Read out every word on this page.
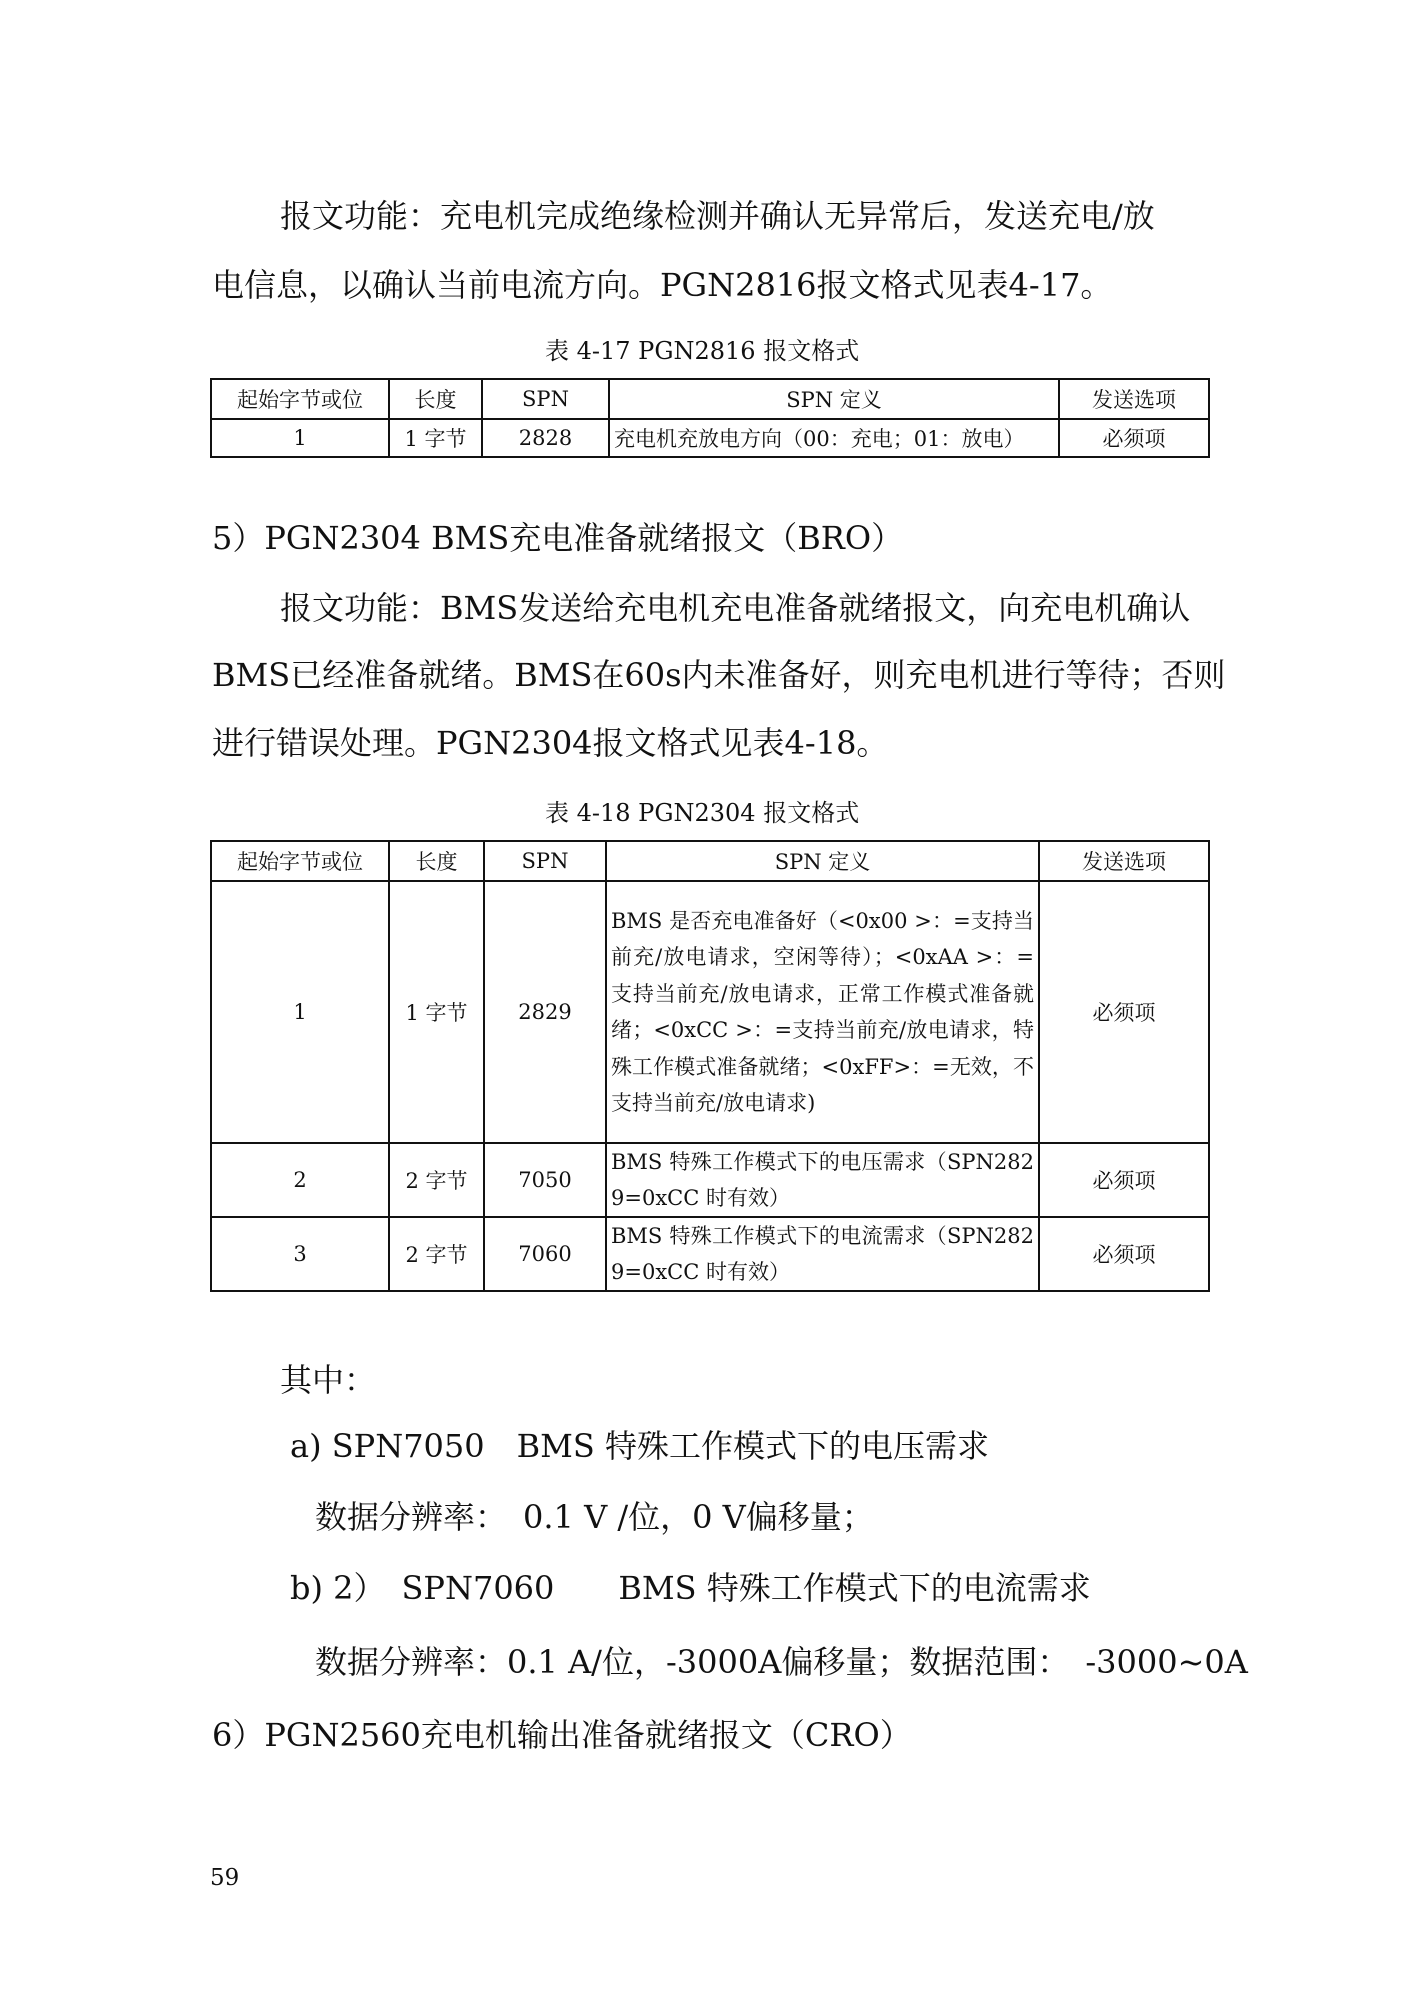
报文功能：充电机完成绝缘检测并确认无异常后，发送充电/放
电信息，以确认当前电流方向。PGN2816报文格式见表4-17。
表 4-17 PGN2816 报文格式
起始字节或位	长度	SPN	SPN 定义	发送选项
1	1 字节	2828	充电机充放电方向（00：充电；01：放电）	必须项
5）PGN2304 BMS充电准备就绪报文（BRO）
报文功能：BMS发送给充电机充电准备就绪报文，向充电机确认
BMS已经准备就绪。BMS在60s内未准备好，则充电机进行等待；否则
进行错误处理。PGN2304报文格式见表4-18。
表 4-18 PGN2304 报文格式
起始字节或位	长度	SPN	SPN 定义	发送选项
1	1 字节	2829	BMS 是否充电准备好（<0x00 >：=支持当前充/放电请求，空闲等待）；<0xAA >：=支持当前充/放电请求，正常工作模式准备就绪；<0xCC >：=支持当前充/放电请求，特殊工作模式准备就绪；<0xFF>：=无效，不支持当前充/放电请求)	必须项
2	2 字节	7050	BMS 特殊工作模式下的电压需求（SPN2829=0xCC 时有效）	必须项
3	2 字节	7060	BMS 特殊工作模式下的电流需求（SPN2829=0xCC 时有效）	必须项
其中：
a) SPN7050　BMS 特殊工作模式下的电压需求
数据分辨率：　0.1 V /位，0 V偏移量；
b) 2）　SPN7060　　BMS 特殊工作模式下的电流需求
数据分辨率：0.1 A/位，-3000A偏移量；数据范围：　-3000~0A
6）PGN2560充电机输出准备就绪报文（CRO）
59
